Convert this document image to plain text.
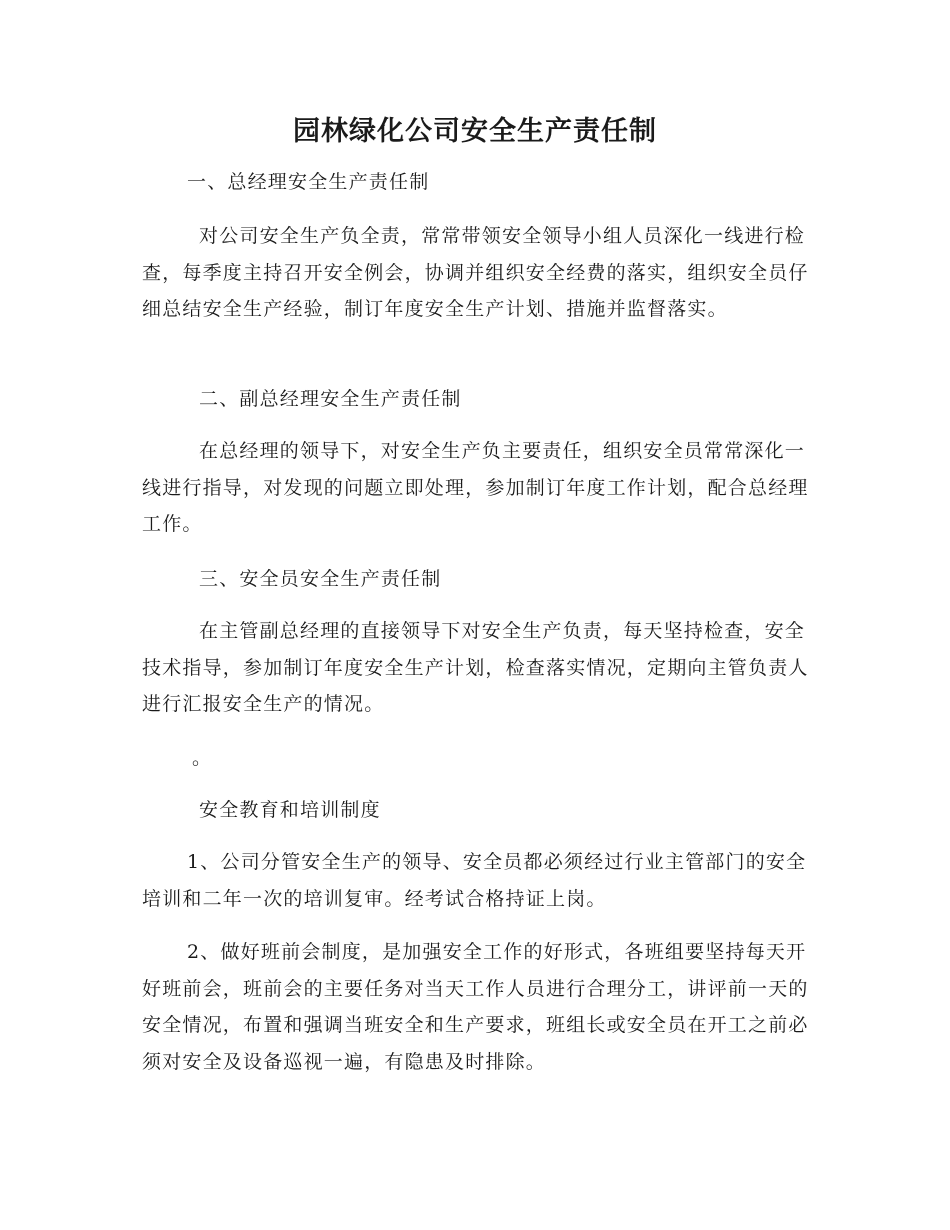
园林绿化公司安全生产责任制

一、总经理安全生产责任制

对公司安全生产负全责，常常带领安全领导小组人员深化一线进行检查，每季度主持召开安全例会，协调并组织安全经费的落实，组织安全员仔细总结安全生产经验，制订年度安全生产计划、措施并监督落实。

二、副总经理安全生产责任制

在总经理的领导下，对安全生产负主要责任，组织安全员常常深化一线进行指导，对发现的问题立即处理，参加制订年度工作计划，配合总经理工作。

三、安全员安全生产责任制

在主管副总经理的直接领导下对安全生产负责，每天坚持检查，安全技术指导，参加制订年度安全生产计划，检查落实情况，定期向主管负责人进行汇报安全生产的情况。

。

安全教育和培训制度

1、公司分管安全生产的领导、安全员都必须经过行业主管部门的安全培训和二年一次的培训复审。经考试合格持证上岗。

2、做好班前会制度，是加强安全工作的好形式，各班组要坚持每天开好班前会，班前会的主要任务对当天工作人员进行合理分工，讲评前一天的安全情况，布置和强调当班安全和生产要求，班组长或安全员在开工之前必须对安全及设备巡视一遍，有隐患及时排除。
